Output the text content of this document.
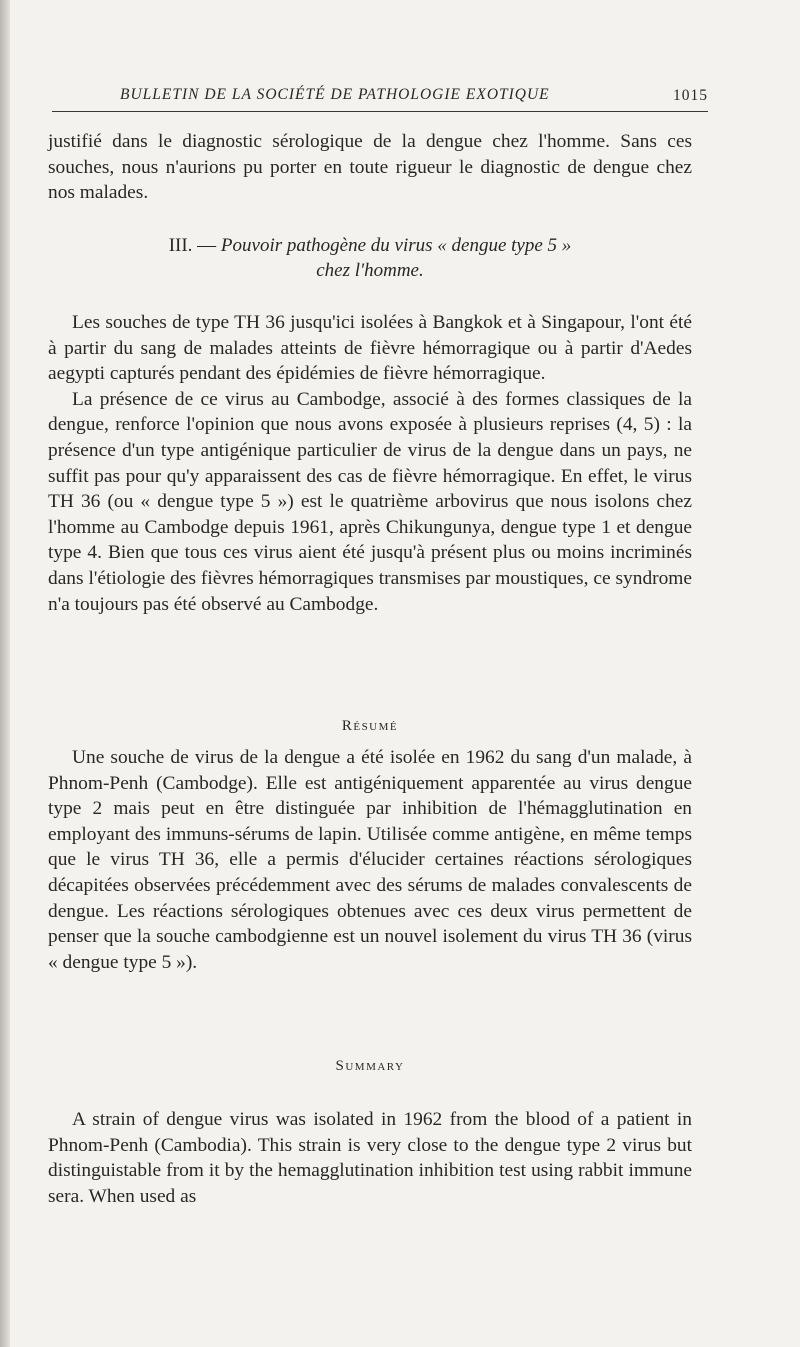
BULLETIN DE LA SOCIÉTÉ DE PATHOLOGIE EXOTIQUE	1015

justifié dans le diagnostic sérologique de la dengue chez l'homme. Sans ces souches, nous n'aurions pu porter en toute rigueur le diagnostic de dengue chez nos malades.

III. — Pouvoir pathogène du virus « dengue type 5 »
chez l'homme.

Les souches de type TH 36 jusqu'ici isolées à Bangkok et à Singapour, l'ont été à partir du sang de malades atteints de fièvre hémorragique ou à partir d'Aedes aegypti capturés pendant des épidémies de fièvre hémorragique.

La présence de ce virus au Cambodge, associé à des formes classiques de la dengue, renforce l'opinion que nous avons exposée à plusieurs reprises (4, 5) : la présence d'un type antigénique particulier de virus de la dengue dans un pays, ne suffit pas pour qu'y apparaissent des cas de fièvre hémorragique. En effet, le virus TH 36 (ou « dengue type 5 ») est le quatrième arbovirus que nous isolons chez l'homme au Cambodge depuis 1961, après Chikungunya, dengue type 1 et dengue type 4. Bien que tous ces virus aient été jusqu'à présent plus ou moins incriminés dans l'étiologie des fièvres hémorragiques transmises par moustiques, ce syndrome n'a toujours pas été observé au Cambodge.

Résumé

Une souche de virus de la dengue a été isolée en 1962 du sang d'un malade, à Phnom-Penh (Cambodge). Elle est antigéniquement apparentée au virus dengue type 2 mais peut en être distinguée par inhibition de l'hémagglutination en employant des immuns-sérums de lapin. Utilisée comme antigène, en même temps que le virus TH 36, elle a permis d'élucider certaines réactions sérologiques décapitées observées précédemment avec des sérums de malades convalescents de dengue. Les réactions sérologiques obtenues avec ces deux virus permettent de penser que la souche cambodgienne est un nouvel isolement du virus TH 36 (virus « dengue type 5 »).

Summary

A strain of dengue virus was isolated in 1962 from the blood of a patient in Phnom-Penh (Cambodia). This strain is very close to the dengue type 2 virus but distinguistable from it by the hemagglutination inhibition test using rabbit immune sera. When used as
